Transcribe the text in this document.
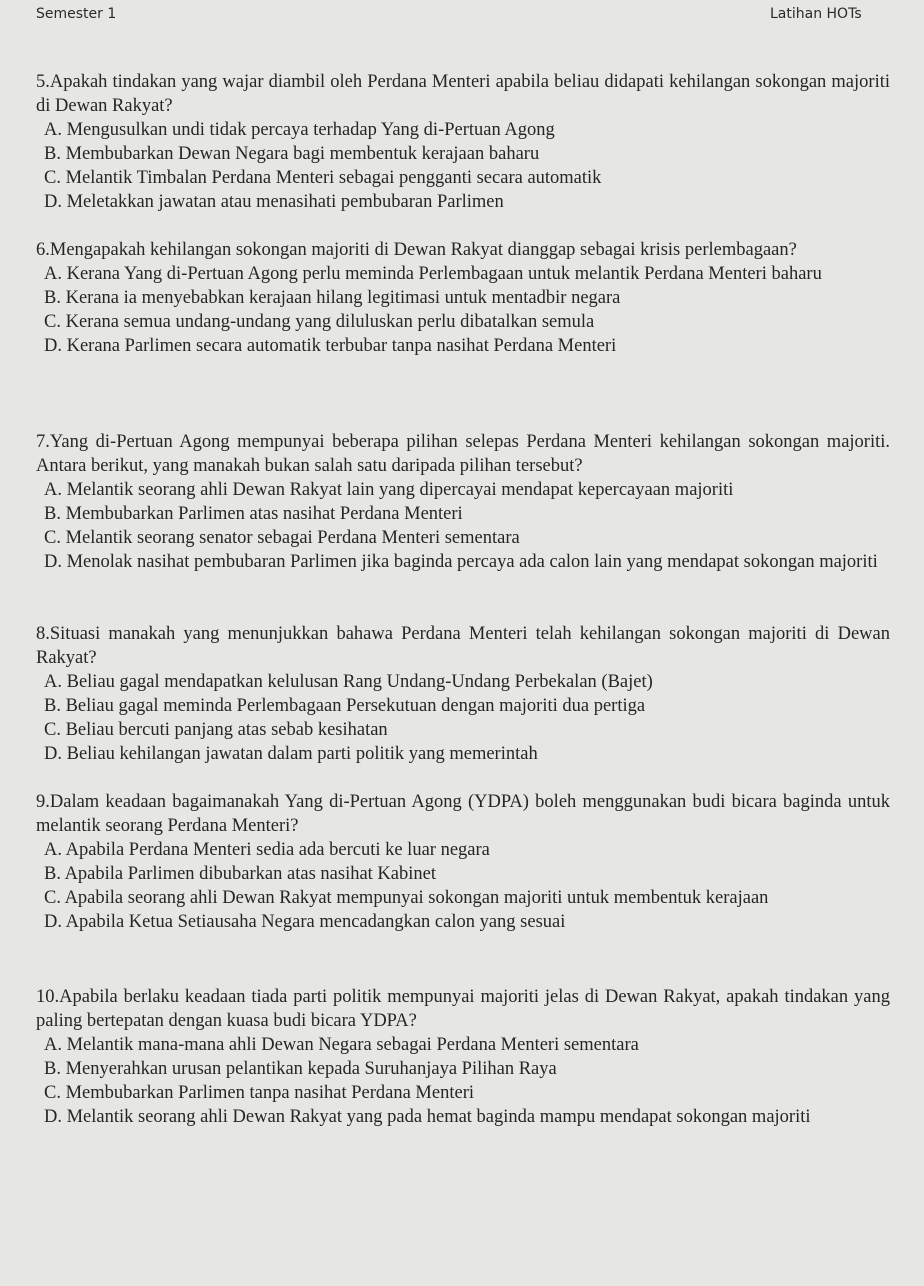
Semester 1	Latihan HOTs
5.Apakah tindakan yang wajar diambil oleh Perdana Menteri apabila beliau didapati kehilangan sokongan majoriti di Dewan Rakyat?
A. Mengusulkan undi tidak percaya terhadap Yang di-Pertuan Agong
B. Membubarkan Dewan Negara bagi membentuk kerajaan baharu
C. Melantik Timbalan Perdana Menteri sebagai pengganti secara automatik
D. Meletakkan jawatan atau menasihati pembubaran Parlimen
6.Mengapakah kehilangan sokongan majoriti di Dewan Rakyat dianggap sebagai krisis perlembagaan?
A. Kerana Yang di-Pertuan Agong perlu meminda Perlembagaan untuk melantik Perdana Menteri baharu
B. Kerana ia menyebabkan kerajaan hilang legitimasi untuk mentadbir negara
C. Kerana semua undang-undang yang diluluskan perlu dibatalkan semula
D. Kerana Parlimen secara automatik terbubar tanpa nasihat Perdana Menteri
7.Yang di-Pertuan Agong mempunyai beberapa pilihan selepas Perdana Menteri kehilangan sokongan majoriti. Antara berikut, yang manakah bukan salah satu daripada pilihan tersebut?
A. Melantik seorang ahli Dewan Rakyat lain yang dipercayai mendapat kepercayaan majoriti
B. Membubarkan Parlimen atas nasihat Perdana Menteri
C. Melantik seorang senator sebagai Perdana Menteri sementara
D. Menolak nasihat pembubaran Parlimen jika baginda percaya ada calon lain yang mendapat sokongan majoriti
8.Situasi manakah yang menunjukkan bahawa Perdana Menteri telah kehilangan sokongan majoriti di Dewan Rakyat?
A. Beliau gagal mendapatkan kelulusan Rang Undang-Undang Perbekalan (Bajet)
B. Beliau gagal meminda Perlembagaan Persekutuan dengan majoriti dua pertiga
C. Beliau bercuti panjang atas sebab kesihatan
D. Beliau kehilangan jawatan dalam parti politik yang memerintah
9.Dalam keadaan bagaimanakah Yang di-Pertuan Agong (YDPA) boleh menggunakan budi bicara baginda untuk melantik seorang Perdana Menteri?
A. Apabila Perdana Menteri sedia ada bercuti ke luar negara
B. Apabila Parlimen dibubarkan atas nasihat Kabinet
C. Apabila seorang ahli Dewan Rakyat mempunyai sokongan majoriti untuk membentuk kerajaan
D. Apabila Ketua Setiausaha Negara mencadangkan calon yang sesuai
10.Apabila berlaku keadaan tiada parti politik mempunyai majoriti jelas di Dewan Rakyat, apakah tindakan yang paling bertepatan dengan kuasa budi bicara YDPA?
A. Melantik mana-mana ahli Dewan Negara sebagai Perdana Menteri sementara
B. Menyerahkan urusan pelantikan kepada Suruhanjaya Pilihan Raya
C. Membubarkan Parlimen tanpa nasihat Perdana Menteri
D. Melantik seorang ahli Dewan Rakyat yang pada hemat baginda mampu mendapat sokongan majoriti
